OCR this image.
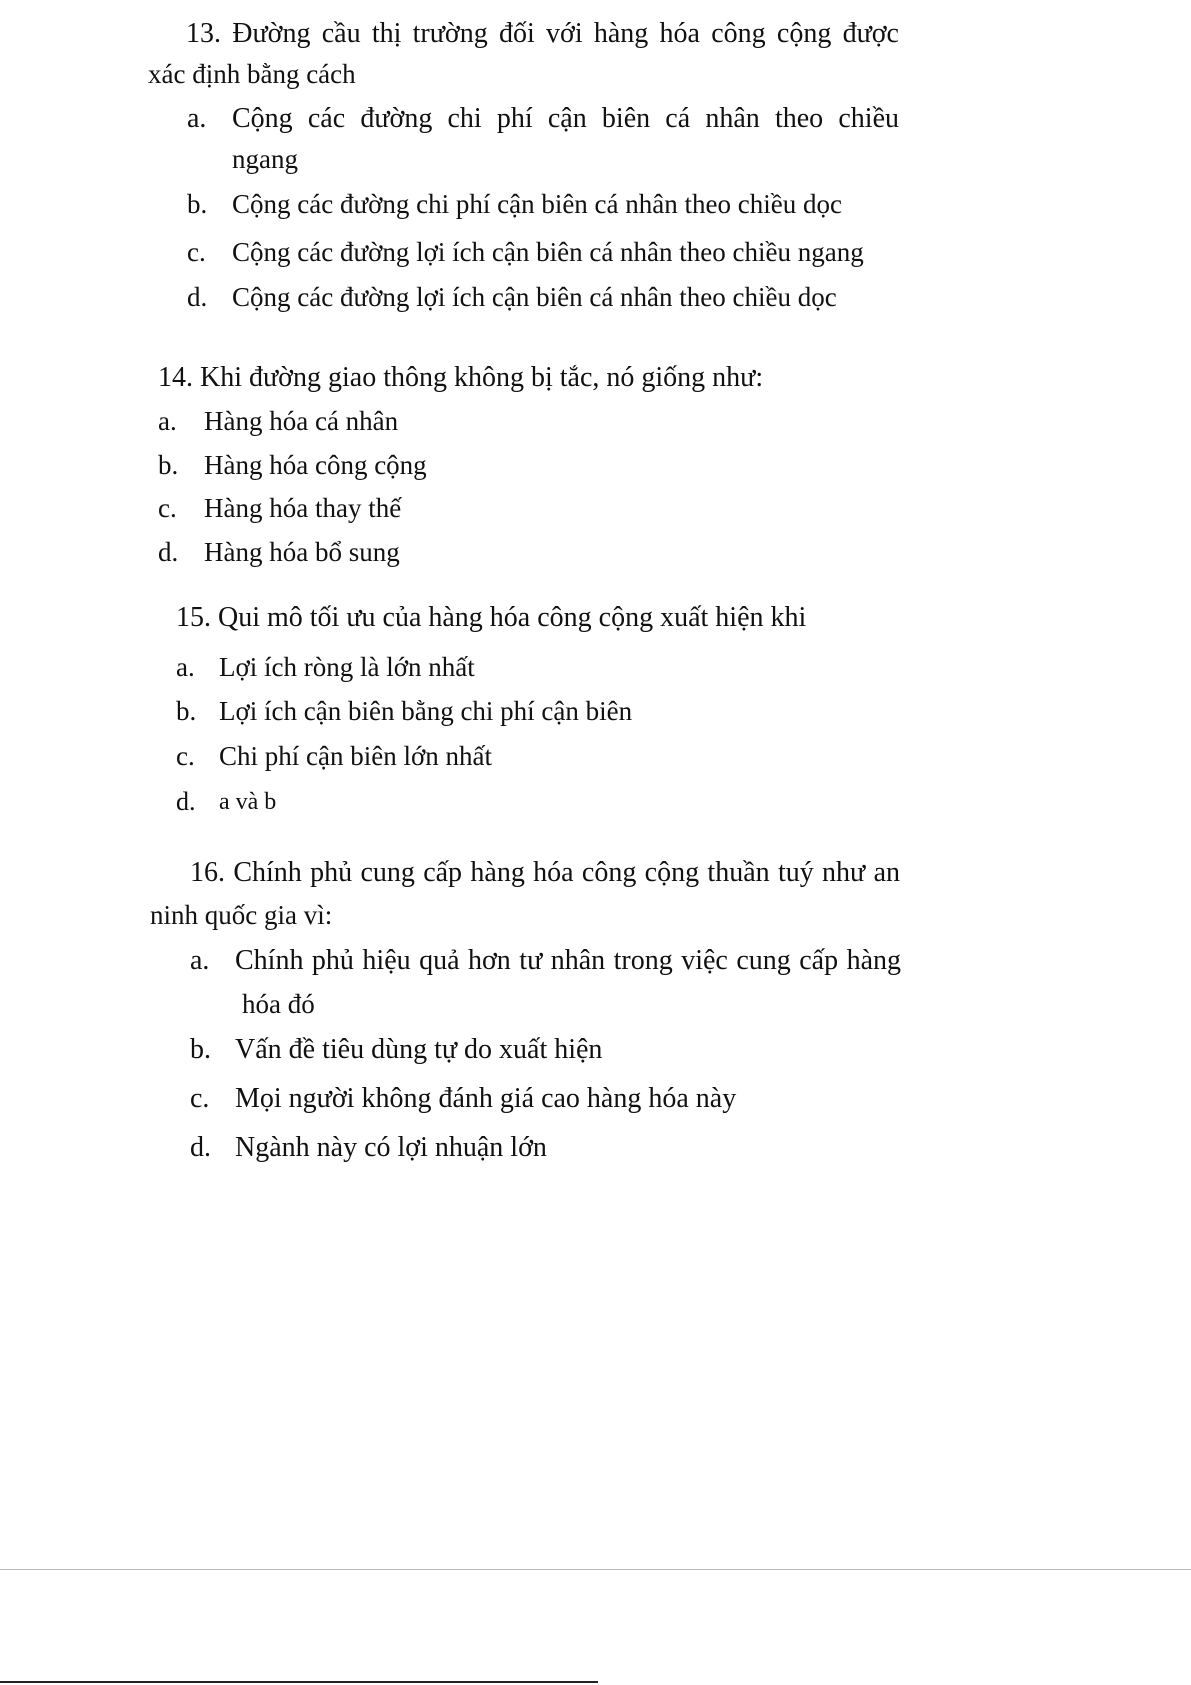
13. Đường cầu thị trường đối với hàng hóa công cộng được
xác định bằng cách
a. Cộng các đường chi phí cận biên cá nhân theo chiều
ngang
b. Cộng các đường chi phí cận biên cá nhân theo chiều dọc
c. Cộng các đường lợi ích cận biên cá nhân theo chiều ngang
d. Cộng các đường lợi ích cận biên cá nhân theo chiều dọc
14. Khi đường giao thông không bị tắc, nó giống như:
a. Hàng hóa cá nhân
b. Hàng hóa công cộng
c. Hàng hóa thay thế
d. Hàng hóa bổ sung
15. Qui mô tối ưu của hàng hóa công cộng xuất hiện khi
a. Lợi ích ròng là lớn nhất
b. Lợi ích cận biên bằng chi phí cận biên
c. Chi phí cận biên lớn nhất
d. a và b
16. Chính phủ cung cấp hàng hóa công cộng thuần tuý như an
ninh quốc gia vì:
a. Chính phủ hiệu quả hơn tư nhân trong việc cung cấp hàng
hóa đó
b. Vấn đề tiêu dùng tự do xuất hiện
c. Mọi người không đánh giá cao hàng hóa này
d. Ngành này có lợi nhuận lớn
